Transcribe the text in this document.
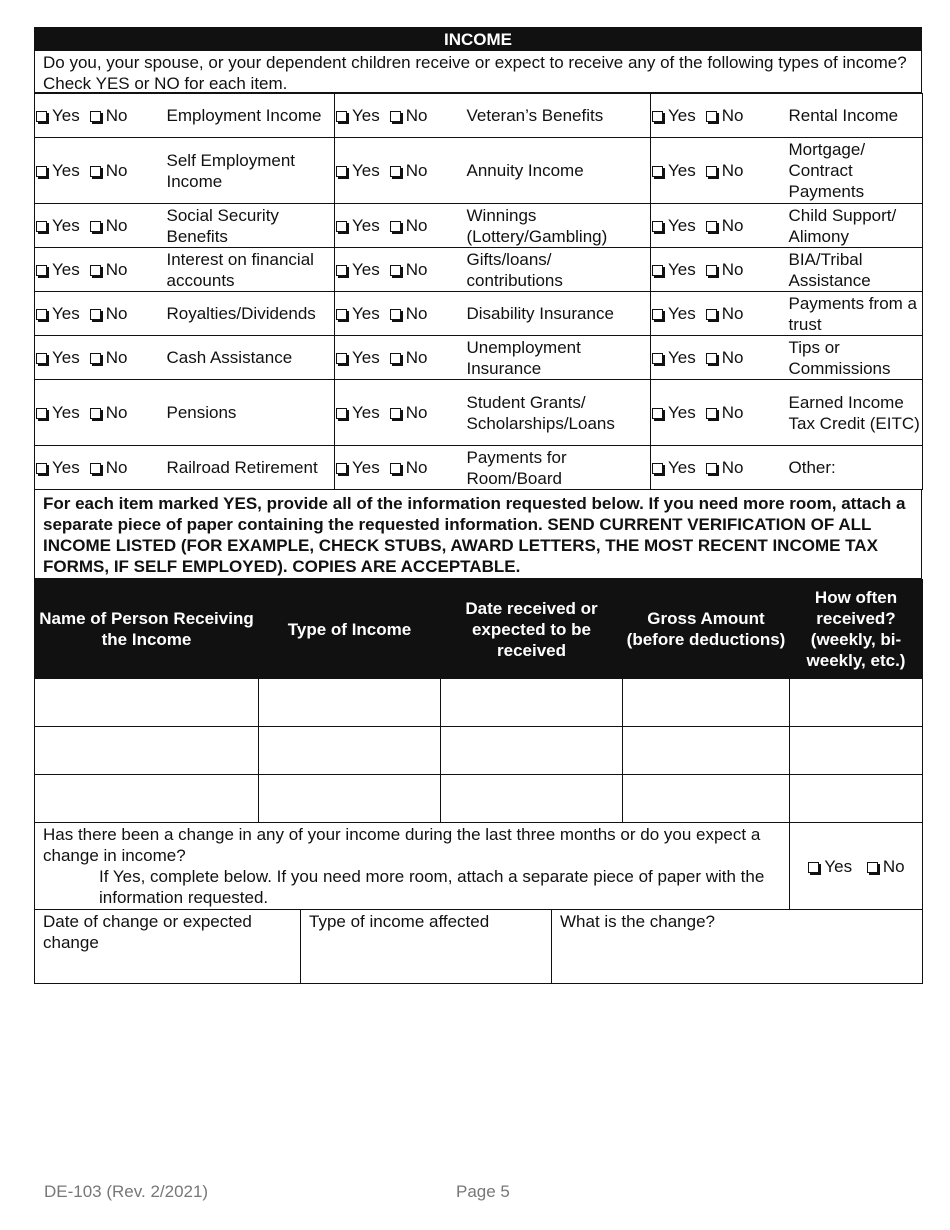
INCOME
Do you, your spouse, or your dependent children receive or expect to receive any of the following types of income? Check YES or NO for each item.
Yes No	Employment Income	Yes No	Veteran’s Benefits	Yes No	Rental Income
Yes No	Self Employment Income	Yes No	Annuity Income	Yes No	Mortgage/ Contract Payments
Yes No	Social Security Benefits	Yes No	Winnings (Lottery/Gambling)	Yes No	Child Support/ Alimony
Yes No	Interest on financial accounts	Yes No	Gifts/loans/ contributions	Yes No	BIA/Tribal Assistance
Yes No	Royalties/Dividends	Yes No	Disability Insurance	Yes No	Payments from a trust
Yes No	Cash Assistance	Yes No	Unemployment Insurance	Yes No	Tips or Commissions
Yes No	Pensions	Yes No	Student Grants/ Scholarships/Loans	Yes No	Earned Income Tax Credit (EITC)
Yes No	Railroad Retirement	Yes No	Payments for Room/Board	Yes No	Other:
For each item marked YES, provide all of the information requested below. If you need more room, attach a separate piece of paper containing the requested information. SEND CURRENT VERIFICATION OF ALL INCOME LISTED (FOR EXAMPLE, CHECK STUBS, AWARD LETTERS, THE MOST RECENT INCOME TAX FORMS, IF SELF EMPLOYED). COPIES ARE ACCEPTABLE.
Name of Person Receiving the Income	Type of Income	Date received or expected to be received	Gross Amount (before deductions)	How often received? (weekly, bi-weekly, etc.)

Has there been a change in any of your income during the last three months or do you expect a change in income?
If Yes, complete below. If you need more room, attach a separate piece of paper with the information requested.
	Yes No
Date of change or expected change	Type of income affected	What is the change?
DE-103 (Rev. 2/2021)	Page 5
